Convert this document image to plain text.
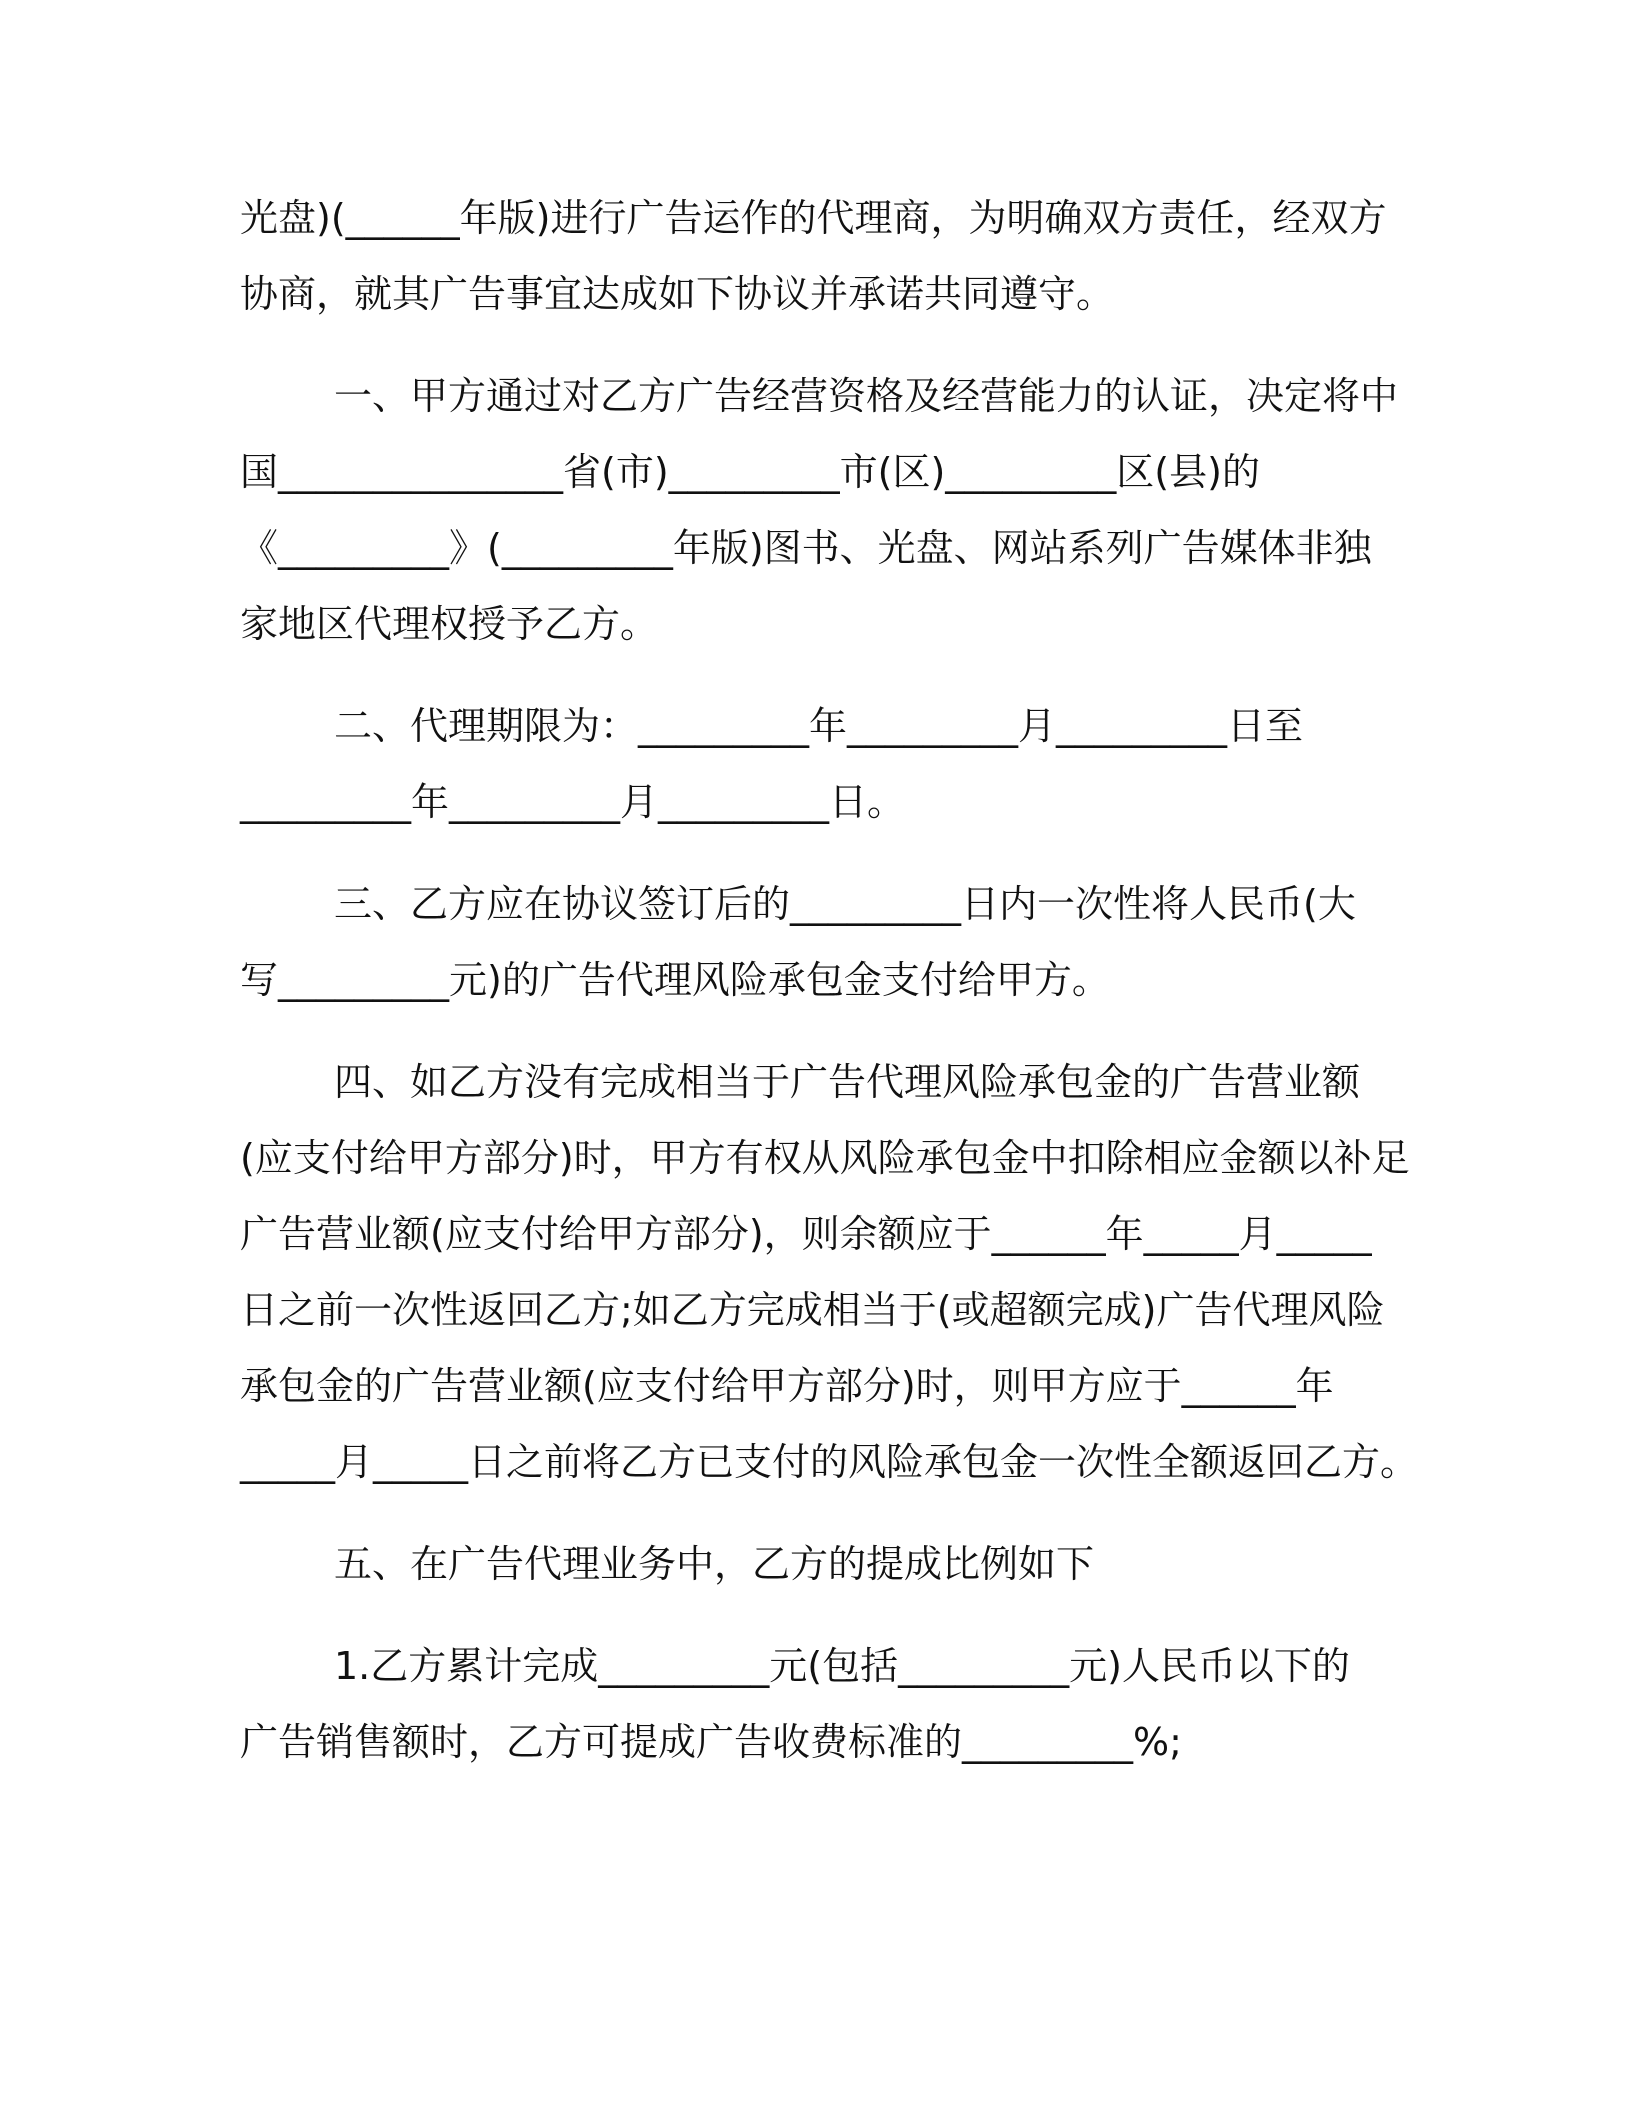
光盘)(______年版)进行广告运作的代理商，为明确双方责任，经双方
协商，就其广告事宜达成如下协议并承诺共同遵守。
一、甲方通过对乙方广告经营资格及经营能力的认证，决定将中
国_______________省(市)_________市(区)_________区(县)的
《_________》(_________年版)图书、光盘、网站系列广告媒体非独
家地区代理权授予乙方。
二、代理期限为：_________年_________月_________日至
_________年_________月_________日。
三、乙方应在协议签订后的_________日内一次性将人民币(大
写_________元)的广告代理风险承包金支付给甲方。
四、如乙方没有完成相当于广告代理风险承包金的广告营业额
(应支付给甲方部分)时，甲方有权从风险承包金中扣除相应金额以补足
广告营业额(应支付给甲方部分)，则余额应于______年_____月_____
日之前一次性返回乙方;如乙方完成相当于(或超额完成)广告代理风险
承包金的广告营业额(应支付给甲方部分)时，则甲方应于______年
_____月_____日之前将乙方已支付的风险承包金一次性全额返回乙方。
五、在广告代理业务中，乙方的提成比例如下
1.乙方累计完成_________元(包括_________元)人民币以下的
广告销售额时，乙方可提成广告收费标准的_________%;
